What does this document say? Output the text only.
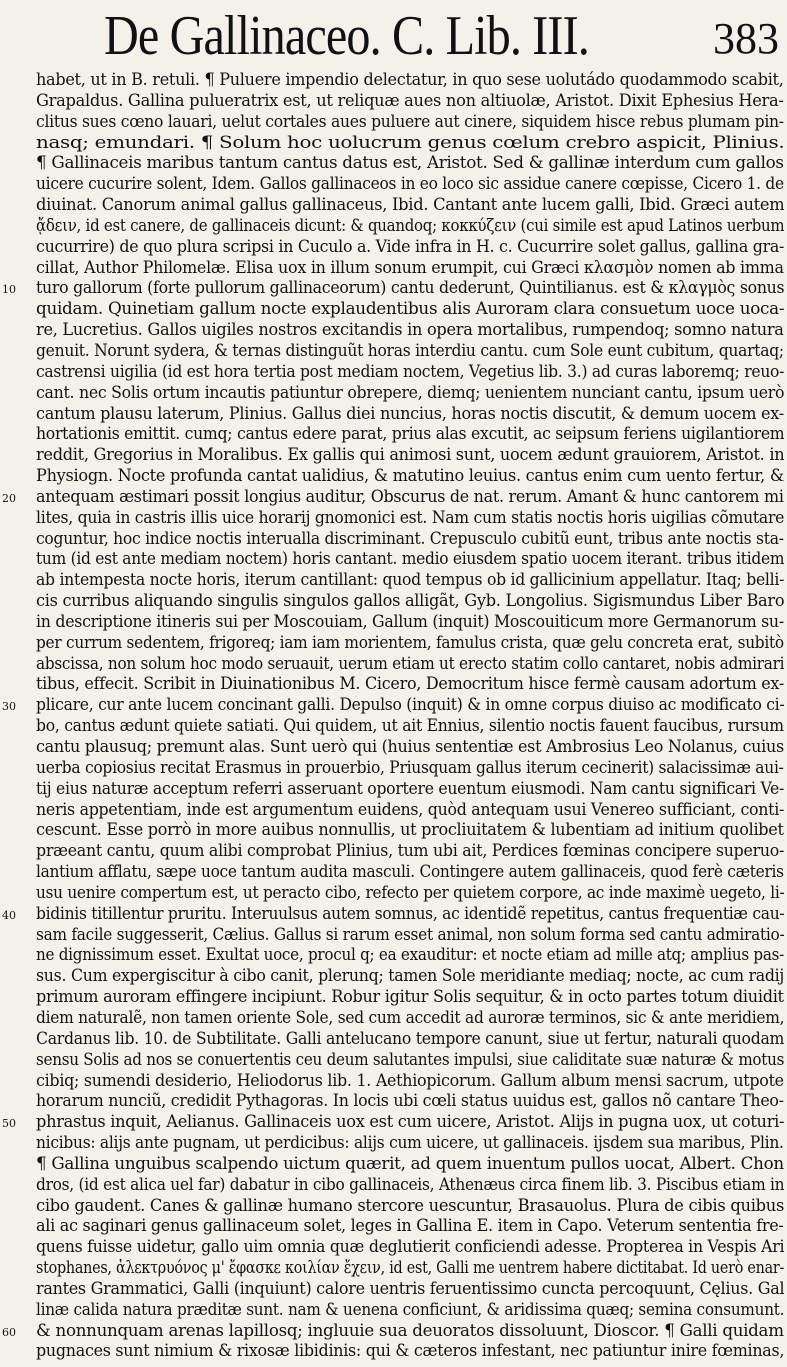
De Gallinaceo. C. Lib. III.	383
habet, ut in B. retuli. ¶ Puluere impendio delectatur, in quo sese uolutádo quodammodo scabit,
Grapaldus. Gallina pulueratrix est, ut reliquæ aues non altiuolæ, Aristot. Dixit Ephesius Hera-
clitus sues cœno lauari, uelut cortales aues puluere aut cinere, siquidem hisce rebus plumam pin-
nasq; emundari. ¶ Solum hoc uolucrum genus cœlum crebro aspicit, Plinius.
¶ Gallinaceis maribus tantum cantus datus est, Aristot. Sed & gallinæ interdum cum gallos
uicere cucurire solent, Idem. Gallos gallinaceos in eo loco sic assidue canere cœpisse, Cicero 1. de
diuinat. Canorum animal gallus gallinaceus, Ibid. Cantant ante lucem galli, Ibid. Græci autem
ᾄδειν, id est canere, de gallinaceis dicunt: & quandoq; κοκκύζειν (cui simile est apud Latinos uerbum
cucurrire) de quo plura scripsi in Cuculo a. Vide infra in H. c. Cucurrire solet gallus, gallina gra-
cillat, Author Philomelæ. Elisa uox in illum sonum erumpit, cui Græci κλασμὸν nomen ab imma
10 turo gallorum (forte pullorum gallinaceorum) cantu dederunt, Quintilianus. est & κλαγμὸς sonus
quidam. Quinetiam gallum nocte explaudentibus alis Auroram clara consuetum uoce uoca-
re, Lucretius. Gallos uigiles nostros excitandis in opera mortalibus, rumpendoq; somno natura
genuit. Norunt sydera, & ternas distinguũt horas interdiu cantu. cum Sole eunt cubitum, quartaq;
castrensi uigilia (id est hora tertia post mediam noctem, Vegetius lib. 3.) ad curas laboremq; reuo-
cant. nec Solis ortum incautis patiuntur obrepere, diemq; uenientem nunciant cantu, ipsum uerò
cantum plausu laterum, Plinius. Gallus diei nuncius, horas noctis discutit, & demum uocem ex-
hortationis emittit. cumq; cantus edere parat, prius alas excutit, ac seipsum feriens uigilantiorem
reddit, Gregorius in Moralibus. Ex gallis qui animosi sunt, uocem ædunt grauiorem, Aristot. in
Physiogn. Nocte profunda cantat ualidius, & matutino leuius. cantus enim cum uento fertur, &
20 antequam æstimari possit longius auditur, Obscurus de nat. rerum. Amant & hunc cantorem mi
lites, quia in castris illis uice horarij gnomonici est. Nam cum statis noctis horis uigilias cõmutare
coguntur, hoc indice noctis interualla discriminant. Crepusculo cubitũ eunt, tribus ante noctis sta-
tum (id est ante mediam noctem) horis cantant. medio eiusdem spatio uocem iterant. tribus itidem
ab intempesta nocte horis, iterum cantillant: quod tempus ob id gallicinium appellatur. Itaq; belli-
cis curribus aliquando singulis singulos gallos alligãt, Gyb. Longolius. Sigismundus Liber Baro
in descriptione itineris sui per Moscouiam, Gallum (inquit) Moscouiticum more Germanorum su-
per currum sedentem, frigoreq; iam iam morientem, famulus crista, quæ gelu concreta erat, subitò
abscissa, non solum hoc modo seruauit, uerum etiam ut erecto statim collo cantaret, nobis admirari
tibus, effecit. Scribit in Diuinationibus M. Cicero, Democritum hisce fermè causam adortum ex-
30 plicare, cur ante lucem concinant galli. Depulso (inquit) & in omne corpus diuiso ac modificato ci-
bo, cantus ædunt quiete satiati. Qui quidem, ut ait Ennius, silentio noctis fauent faucibus, rursum
cantu plausuq; premunt alas. Sunt uerò qui (huius sententiæ est Ambrosius Leo Nolanus, cuius
uerba copiosius recitat Erasmus in prouerbio, Priusquam gallus iterum cecinerit) salacissimæ aui-
tij eius naturæ acceptum referri asseruant oportere euentum eiusmodi. Nam cantu significari Ve-
neris appetentiam, inde est argumentum euidens, quòd antequam usui Venereo sufficiant, conti-
cescunt. Esse porrò in more auibus nonnullis, ut procliuitatem & lubentiam ad initium quolibet
præeant cantu, quum alibi comprobat Plinius, tum ubi ait, Perdices fœminas concipere superuo-
lantium afflatu, sæpe uoce tantum audita masculi. Contingere autem gallinaceis, quod ferè cæteris
usu uenire compertum est, ut peracto cibo, refecto per quietem corpore, ac inde maximè uegeto, li-
40 bidinis titillentur pruritu. Interuulsus autem somnus, ac identidẽ repetitus, cantus frequentiæ cau-
sam facile suggesserit, Cælius. Gallus si rarum esset animal, non solum forma sed cantu admiratio-
ne dignissimum esset. Exultat uoce, procul q; ea exauditur: et nocte etiam ad mille atq; amplius pas-
sus. Cum expergiscitur à cibo canit, plerunq; tamen Sole meridiante mediaq; nocte, ac cum radij
primum auroram effingere incipiunt. Robur igitur Solis sequitur, & in octo partes totum diuidit
diem naturalẽ, non tamen oriente Sole, sed cum accedit ad auroræ terminos, sic & ante meridiem,
Cardanus lib. 10. de Subtilitate. Galli antelucano tempore canunt, siue ut fertur, naturali quodam
sensu Solis ad nos se conuertentis ceu deum salutantes impulsi, siue caliditate suæ naturæ & motus
cibiq; sumendi desiderio, Heliodorus lib. 1. Aethiopicorum. Gallum album mensi sacrum, utpote
horarum nunciũ, credidit Pythagoras. In locis ubi cœli status uuidus est, gallos nõ cantare Theo-
50 phrastus inquit, Aelianus. Gallinaceis uox est cum uicere, Aristot. Alijs in pugna uox, ut coturi-
nicibus: alijs ante pugnam, ut perdicibus: alijs cum uicere, ut gallinaceis. ijsdem sua maribus, Plin.
¶ Gallina unguibus scalpendo uictum quærit, ad quem inuentum pullos uocat, Albert. Chon
dros, (id est alica uel far) dabatur in cibo gallinaceis, Athenæus circa finem lib. 3. Piscibus etiam in
cibo gaudent. Canes & gallinæ humano stercore uescuntur, Brasauolus. Plura de cibis quibus
ali ac saginari genus gallinaceum solet, leges in Gallina E. item in Capo. Veterum sententia fre-
quens fuisse uidetur, gallo uim omnia quæ deglutierit conficiendi adesse. Propterea in Vespis Ari
stophanes, ἀλεκτρυόνος μ' ἔφασκε κοιλίαν ἔχειν, id est, Galli me uentrem habere dictitabat. Id uerò enar-
rantes Grammatici, Galli (inquiunt) calore uentris feruentissimo cuncta percoquunt, Cęlius. Gal
linæ calida natura præditæ sunt. nam & uenena conficiunt, & aridissima quæq; semina consumunt.
60 & nonnunquam arenas lapillosq; ingluuie sua deuoratos dissoluunt, Dioscor. ¶ Galli quidam
pugnaces sunt nimium & rixosæ libidinis: qui & cæteros infestant, nec patiuntur inire fœminas,
